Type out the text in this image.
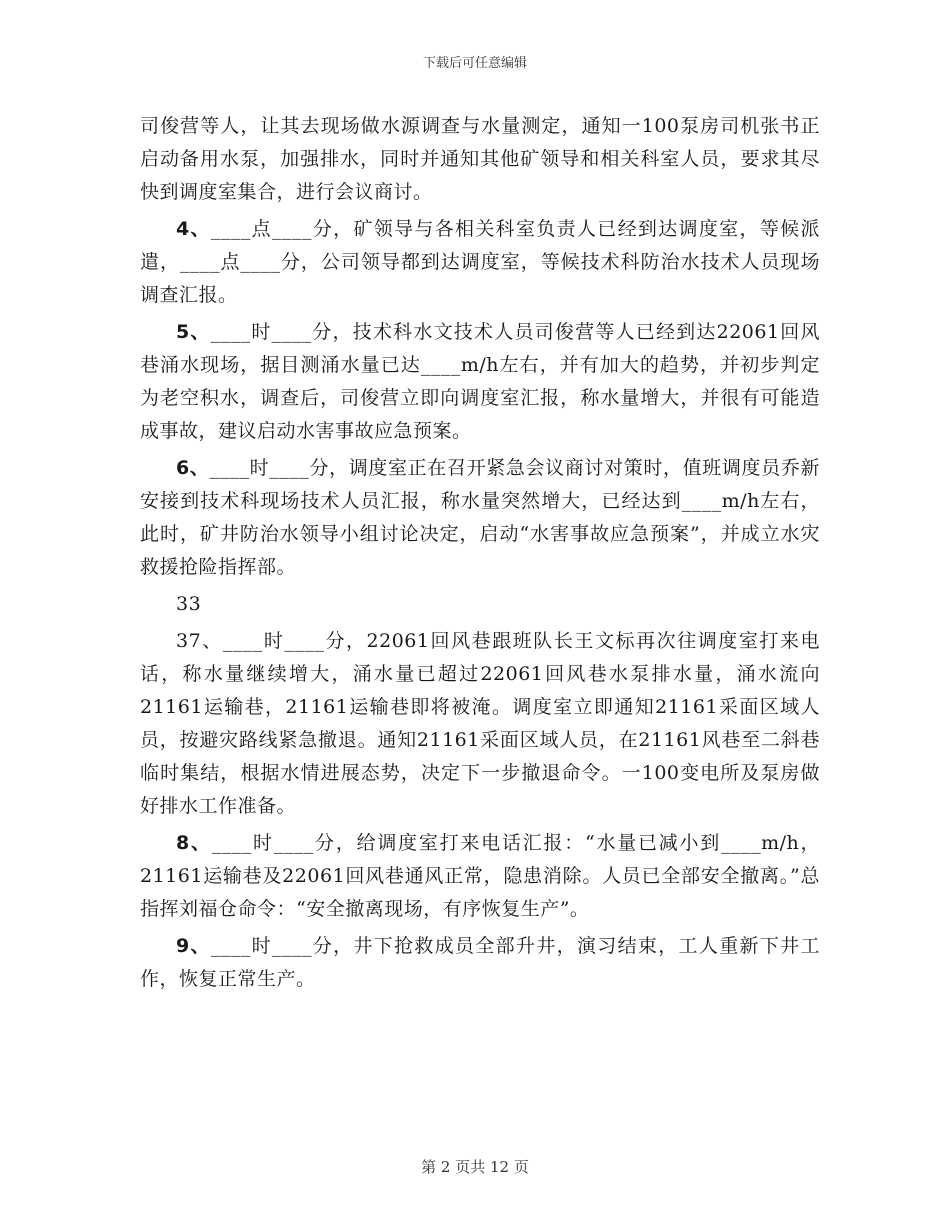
下载后可任意编辑

司俊营等人，让其去现场做水源调查与水量测定，通知一100泵房司机张书正启动备用水泵，加强排水，同时并通知其他矿领导和相关科室人员，要求其尽快到调度室集合，进行会议商讨。

4、____点____分，矿领导与各相关科室负责人已经到达调度室，等候派遣，____点____分，公司领导都到达调度室，等候技术科防治水技术人员现场调查汇报。

5、____时____分，技术科水文技术人员司俊营等人已经到达22061回风巷涌水现场，据目测涌水量已达____m/h左右，并有加大的趋势，并初步判定为老空积水，调查后，司俊营立即向调度室汇报，称水量增大，并很有可能造成事故，建议启动水害事故应急预案。

6、____时____分，调度室正在召开紧急会议商讨对策时，值班调度员乔新安接到技术科现场技术人员汇报，称水量突然增大，已经达到____m/h左右，此时，矿井防治水领导小组讨论决定，启动“水害事故应急预案”，并成立水灾救援抢险指挥部。

33

37、____时____分，22061回风巷跟班队长王文标再次往调度室打来电话，称水量继续增大，涌水量已超过22061回风巷水泵排水量，涌水流向21161运输巷，21161运输巷即将被淹。调度室立即通知21161采面区域人员，按避灾路线紧急撤退。通知21161采面区域人员，在21161风巷至二斜巷临时集结，根据水情进展态势，决定下一步撤退命令。一100变电所及泵房做好排水工作准备。

8、____时____分，给调度室打来电话汇报：“水量已减小到____m/h，21161运输巷及22061回风巷通风正常，隐患消除。人员已全部安全撤离。”总指挥刘福仓命令：“安全撤离现场，有序恢复生产”。

9、____时____分，井下抢救成员全部升井，演习结束，工人重新下井工作，恢复正常生产。

第 2 页共 12 页
